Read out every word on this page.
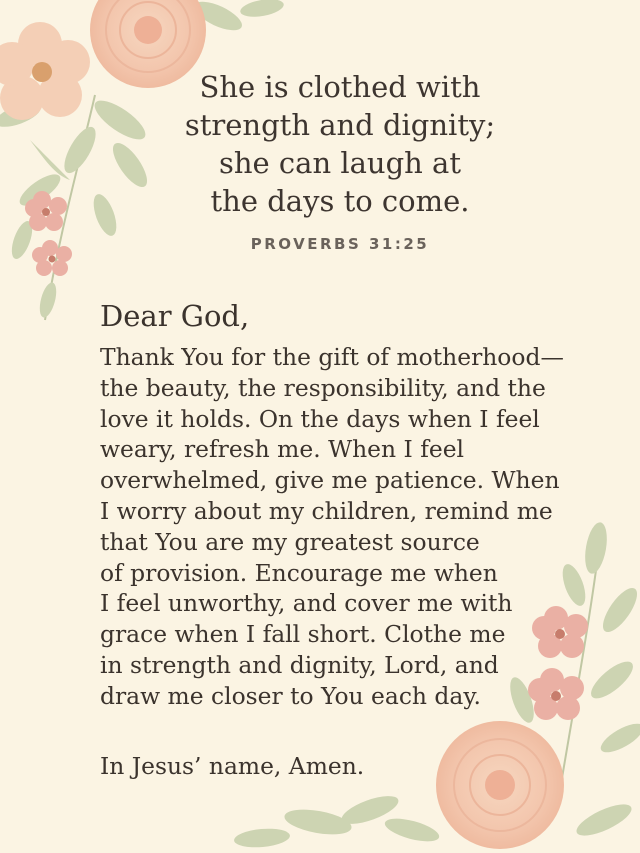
She is clothed with
strength and dignity;
she can laugh at
the days to come.
PROVERBS 31:25
Dear God,
Thank You for the gift of motherhood—
the beauty, the responsibility, and the
love it holds. On the days when I feel
weary, refresh me. When I feel
overwhelmed, give me patience. When
I worry about my children, remind me
that You are my greatest source
of provision. Encourage me when
I feel unworthy, and cover me with
grace when I fall short. Clothe me
in strength and dignity, Lord, and
draw me closer to You each day.
In Jesus’ name, Amen.
